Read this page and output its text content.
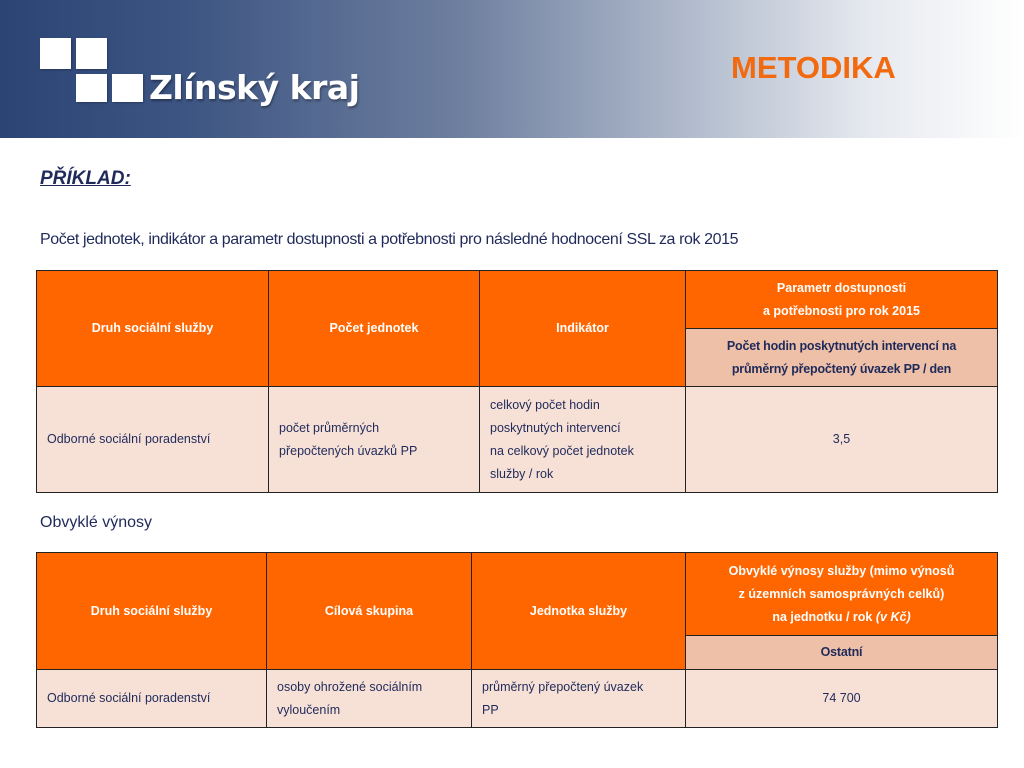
Zlínský kraj
METODIKA
PŘÍKLAD:
Počet jednotek, indikátor a parametr dostupnosti a potřebnosti pro následné hodnocení SSL za rok 2015
Druh sociální služby	Počet jednotek	Indikátor	Parametr dostupnosti
a potřebnosti pro rok 2015

			Počet hodin poskytnutých intervencí na
průměrný přepočtený úvazek PP / den

Odborné sociální poradenství	počet průměrných
přepočtených úvazků PP	celkový počet hodin
poskytnutých intervencí
na celkový počet jednotek
služby / rok	3,5
Obvyklé výnosy
Druh sociální služby	Cílová skupina	Jednotka služby	Obvyklé výnosy služby (mimo výnosů
z územních samosprávných celků)
na jednotku / rok (v Kč)

			Ostatní
Odborné sociální poradenství	osoby ohrožené sociálním
vyloučením	průměrný přepočtený úvazek
PP	74 700
